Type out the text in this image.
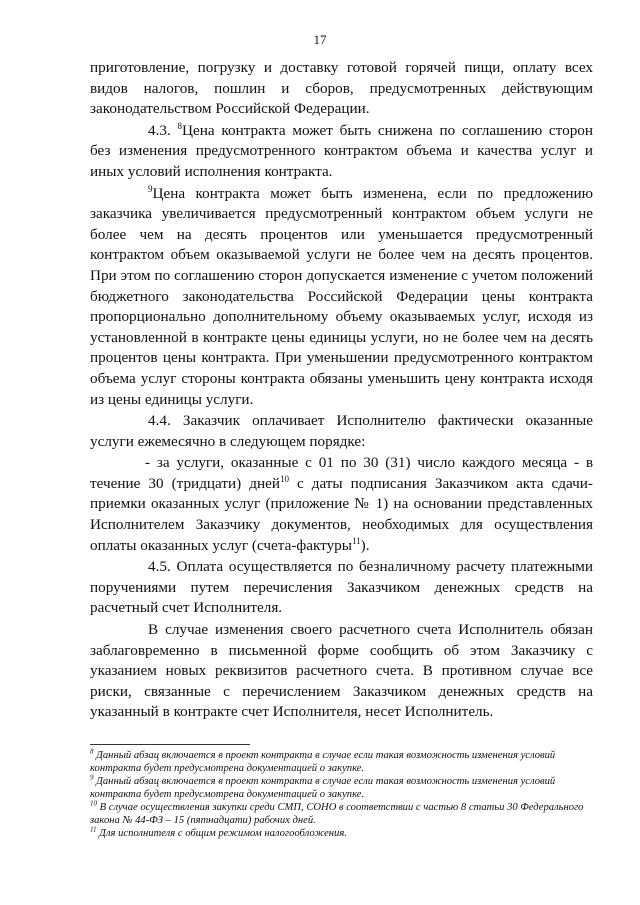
17

приготовление, погрузку и доставку готовой горячей пищи, оплату всех видов налогов, пошлин и сборов, предусмотренных действующим законодательством Российской Федерации.

4.3. $^8$Цена контракта может быть снижена по соглашению сторон без изменения предусмотренного контрактом объема и качества услуг и иных условий исполнения контракта.

$^9$Цена контракта может быть изменена, если по предложению заказчика увеличивается предусмотренный контрактом объем услуги не более чем на десять процентов или уменьшается предусмотренный контрактом объем оказываемой услуги не более чем на десять процентов. При этом по соглашению сторон допускается изменение с учетом положений бюджетного законодательства Российской Федерации цены контракта пропорционально дополнительному объему оказываемых услуг, исходя из установленной в контракте цены единицы услуги, но не более чем на десять процентов цены контракта. При уменьшении предусмотренного контрактом объема услуг стороны контракта обязаны уменьшить цену контракта исходя из цены единицы услуги.

4.4. Заказчик оплачивает Исполнителю фактически оказанные услуги ежемесячно в следующем порядке:

- за услуги, оказанные с 01 по 30 (31) число каждого месяца - в течение 30 (тридцати) дней$^{10}$ с даты подписания Заказчиком акта сдачи-приемки оказанных услуг (приложение № 1) на основании представленных Исполнителем Заказчику документов, необходимых для осуществления оплаты оказанных услуг (счета-фактуры$^{11}$).

4.5. Оплата осуществляется по безналичному расчету платежными поручениями путем перечисления Заказчиком денежных средств на расчетный счет Исполнителя.

В случае изменения своего расчетного счета Исполнитель обязан заблаговременно в письменной форме сообщить об этом Заказчику с указанием новых реквизитов расчетного счета. В противном случае все риски, связанные с перечислением Заказчиком денежных средств на указанный в контракте счет Исполнителя, несет Исполнитель.

$^8$ Данный абзац включается в проект контракта в случае если такая возможность изменения условий контракта будет предусмотрена документацией о закупке.

$^9$ Данный абзац включается в проект контракта в случае если такая возможность изменения условий контракта будет предусмотрена документацией о закупке.

$^{10}$ В случае осуществления закупки среди СМП, СОНО в соответствии с частью 8 статьи 30 Федерального закона № 44-ФЗ – 15 (пятнадцати) рабочих дней.

$^{11}$ Для исполнителя с общим режимом налогообложения.
